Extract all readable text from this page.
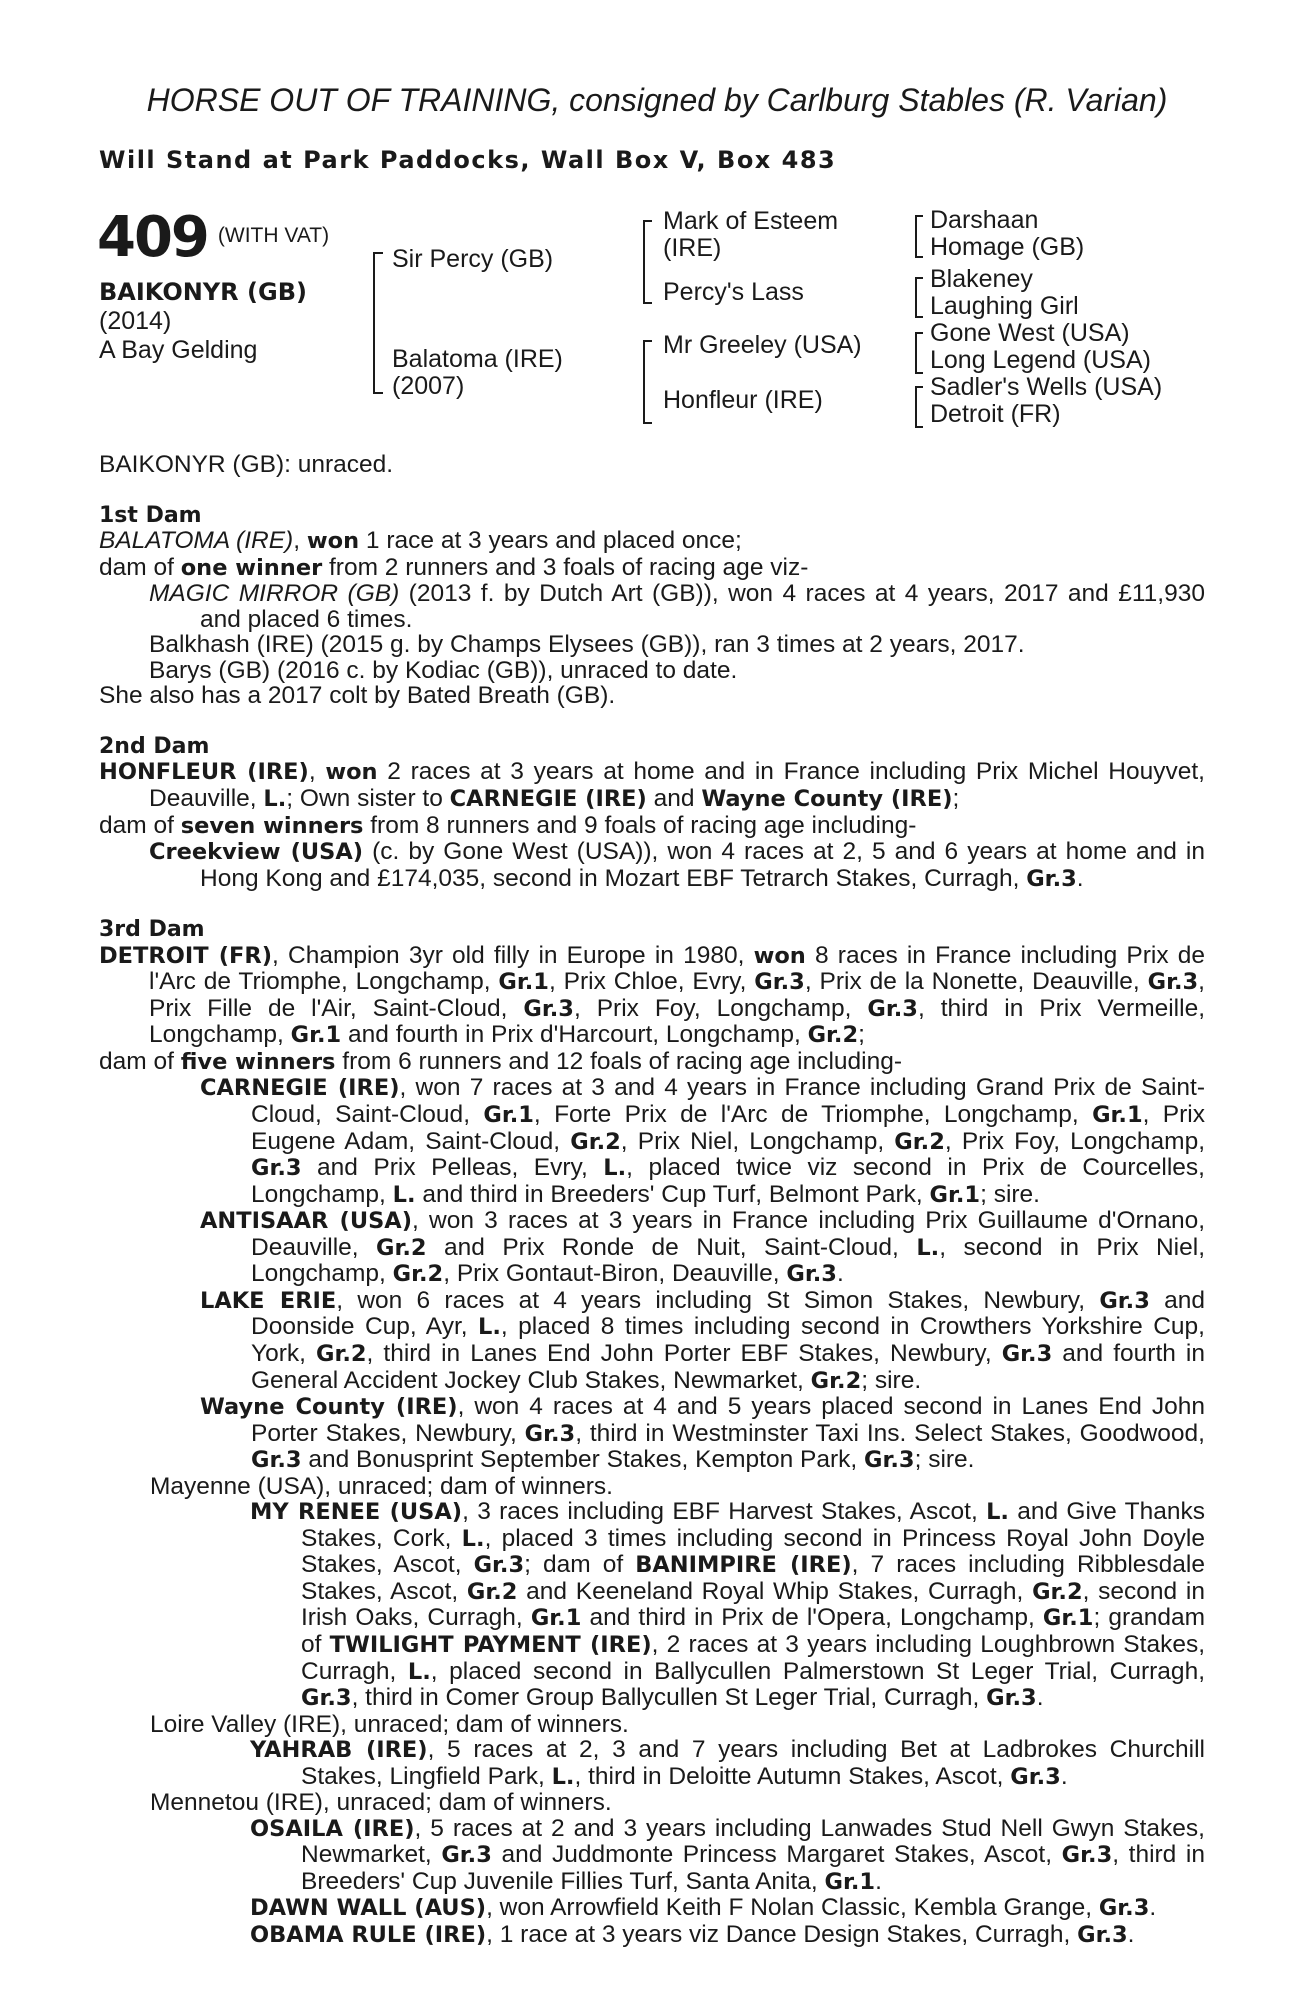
HORSE OUT OF TRAINING, consigned by Carlburg Stables (R. Varian)
Will Stand at Park Paddocks, Wall Box V, Box 483
409 (WITH VAT)
BAIKONYR (GB)
(2014)
A Bay Gelding
Sir Percy (GB)
Balatoma (IRE)
(2007)
Mark of Esteem
(IRE)
Percy's Lass
Mr Greeley (USA)
Honfleur (IRE)
Darshaan
Homage (GB)
Blakeney
Laughing Girl
Gone West (USA)
Long Legend (USA)
Sadler's Wells (USA)
Detroit (FR)

BAIKONYR (GB): unraced.

1st Dam

BALATOMA (IRE), won 1 race at 3 years and placed once;

dam of one winner from 2 runners and 3 foals of racing age viz-

MAGIC MIRROR (GB) (2013 f. by Dutch Art (GB)), won 4 races at 4 years, 2017 and £11,930 and placed 6 times.

Balkhash (IRE) (2015 g. by Champs Elysees (GB)), ran 3 times at 2 years, 2017.

Barys (GB) (2016 c. by Kodiac (GB)), unraced to date.

She also has a 2017 colt by Bated Breath (GB).

2nd Dam

HONFLEUR (IRE), won 2 races at 3 years at home and in France including Prix Michel Houyvet, Deauville, L.; Own sister to CARNEGIE (IRE) and Wayne County (IRE);

dam of seven winners from 8 runners and 9 foals of racing age including-

Creekview (USA) (c. by Gone West (USA)), won 4 races at 2, 5 and 6 years at home and in Hong Kong and £174,035, second in Mozart EBF Tetrarch Stakes, Curragh, Gr.3.

3rd Dam

DETROIT (FR), Champion 3yr old filly in Europe in 1980, won 8 races in France including Prix de l'Arc de Triomphe, Longchamp, Gr.1, Prix Chloe, Evry, Gr.3, Prix de la Nonette, Deauville, Gr.3, Prix Fille de l'Air, Saint-Cloud, Gr.3, Prix Foy, Longchamp, Gr.3, third in Prix Vermeille, Longchamp, Gr.1 and fourth in Prix d'Harcourt, Longchamp, Gr.2;

dam of five winners from 6 runners and 12 foals of racing age including-

CARNEGIE (IRE), won 7 races at 3 and 4 years in France including Grand Prix de Saint-Cloud, Saint-Cloud, Gr.1, Forte Prix de l'Arc de Triomphe, Longchamp, Gr.1, Prix Eugene Adam, Saint-Cloud, Gr.2, Prix Niel, Longchamp, Gr.2, Prix Foy, Longchamp, Gr.3 and Prix Pelleas, Evry, L., placed twice viz second in Prix de Courcelles, Longchamp, L. and third in Breeders' Cup Turf, Belmont Park, Gr.1; sire.

ANTISAAR (USA), won 3 races at 3 years in France including Prix Guillaume d'Ornano, Deauville, Gr.2 and Prix Ronde de Nuit, Saint-Cloud, L., second in Prix Niel, Longchamp, Gr.2, Prix Gontaut-Biron, Deauville, Gr.3.

LAKE ERIE, won 6 races at 4 years including St Simon Stakes, Newbury, Gr.3 and Doonside Cup, Ayr, L., placed 8 times including second in Crowthers Yorkshire Cup, York, Gr.2, third in Lanes End John Porter EBF Stakes, Newbury, Gr.3 and fourth in General Accident Jockey Club Stakes, Newmarket, Gr.2; sire.

Wayne County (IRE), won 4 races at 4 and 5 years placed second in Lanes End John Porter Stakes, Newbury, Gr.3, third in Westminster Taxi Ins. Select Stakes, Goodwood, Gr.3 and Bonusprint September Stakes, Kempton Park, Gr.3; sire.

Mayenne (USA), unraced; dam of winners.

MY RENEE (USA), 3 races including EBF Harvest Stakes, Ascot, L. and Give Thanks Stakes, Cork, L., placed 3 times including second in Princess Royal John Doyle Stakes, Ascot, Gr.3; dam of BANIMPIRE (IRE), 7 races including Ribblesdale Stakes, Ascot, Gr.2 and Keeneland Royal Whip Stakes, Curragh, Gr.2, second in Irish Oaks, Curragh, Gr.1 and third in Prix de l'Opera, Longchamp, Gr.1; grandam of TWILIGHT PAYMENT (IRE), 2 races at 3 years including Loughbrown Stakes, Curragh, L., placed second in Ballycullen Palmerstown St Leger Trial, Curragh, Gr.3, third in Comer Group Ballycullen St Leger Trial, Curragh, Gr.3.

Loire Valley (IRE), unraced; dam of winners.

YAHRAB (IRE), 5 races at 2, 3 and 7 years including Bet at Ladbrokes Churchill Stakes, Lingfield Park, L., third in Deloitte Autumn Stakes, Ascot, Gr.3.

Mennetou (IRE), unraced; dam of winners.

OSAILA (IRE), 5 races at 2 and 3 years including Lanwades Stud Nell Gwyn Stakes, Newmarket, Gr.3 and Juddmonte Princess Margaret Stakes, Ascot, Gr.3, third in Breeders' Cup Juvenile Fillies Turf, Santa Anita, Gr.1.

DAWN WALL (AUS), won Arrowfield Keith F Nolan Classic, Kembla Grange, Gr.3.

OBAMA RULE (IRE), 1 race at 3 years viz Dance Design Stakes, Curragh, Gr.3.
